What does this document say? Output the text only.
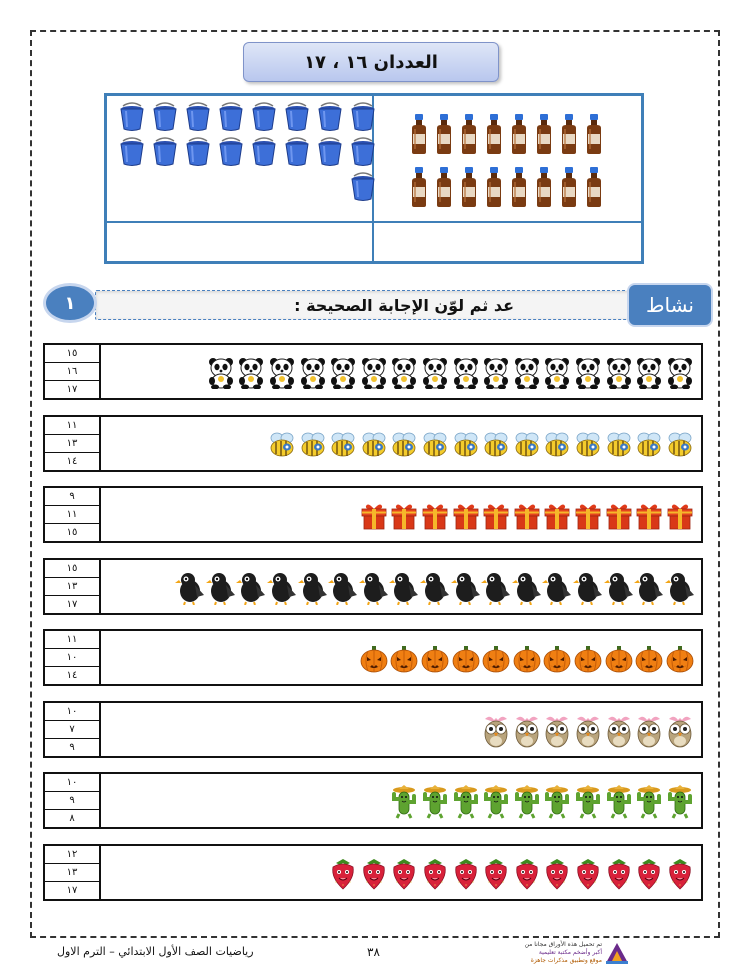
العددان ١٦ ، ١٧
عد ثم لوّن الإجابة الصحيحة :
١	نشاط
١٥
١٦
١٧
١١
١٣
١٤
٩
١١
١٥
١٥
١٣
١٧
١١
١٠
١٤
١٠
٧
٩
١٠
٩
٨
١٢
١٣
١٧
رياضيات الصف الأول الابتدائي – الترم الاول	٣٨
تم تحميل هذه الأوراق مجانا من
أكبر وأضخم مكتبة تعليمية
موقع وتطبيق مذكرات جاهزة
